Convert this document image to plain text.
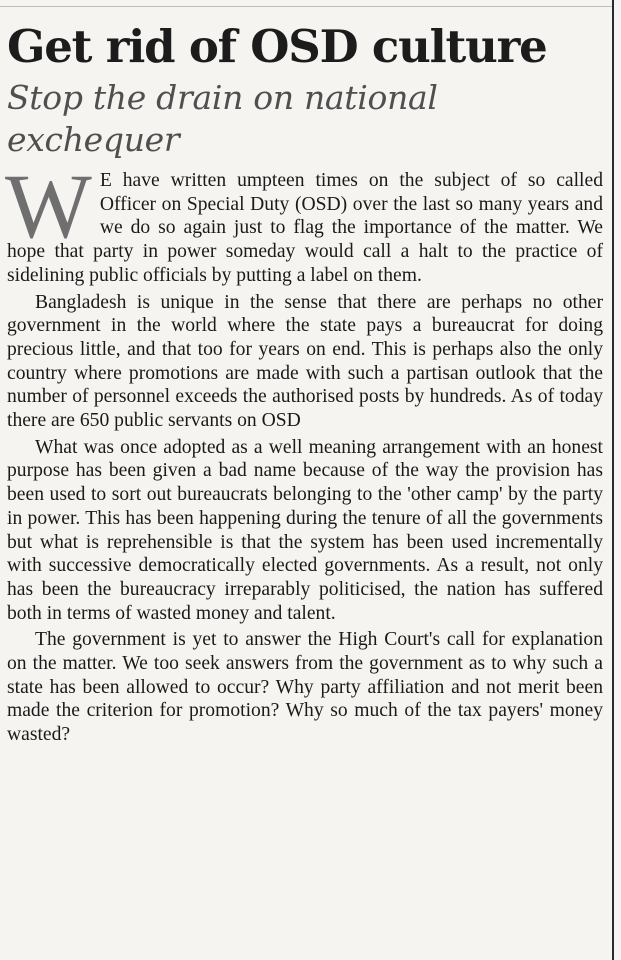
Get rid of OSD culture
Stop the drain on national exchequer

W E have written umpteen times on the subject of so called Officer on Special Duty (OSD) over the last so many years and we do so again just to flag the importance of the matter. We hope that party in power someday would call a halt to the practice of sidelining public officials by putting a label on them.

Bangladesh is unique in the sense that there are perhaps no other government in the world where the state pays a bureaucrat for doing precious little, and that too for years on end. This is perhaps also the only country where promotions are made with such a partisan outlook that the number of personnel exceeds the authorised posts by hundreds. As of today there are 650 public servants on OSD

What was once adopted as a well meaning arrangement with an honest purpose has been given a bad name because of the way the provision has been used to sort out bureaucrats belonging to the 'other camp' by the party in power. This has been happening during the tenure of all the governments but what is reprehensible is that the system has been used incrementally with successive democratically elected governments. As a result, not only has been the bureaucracy irreparably politicised, the nation has suffered both in terms of wasted money and talent.

The government is yet to answer the High Court's call for explanation on the matter. We too seek answers from the government as to why such a state has been allowed to occur? Why party affiliation and not merit been made the criterion for promotion? Why so much of the tax payers' money wasted?
